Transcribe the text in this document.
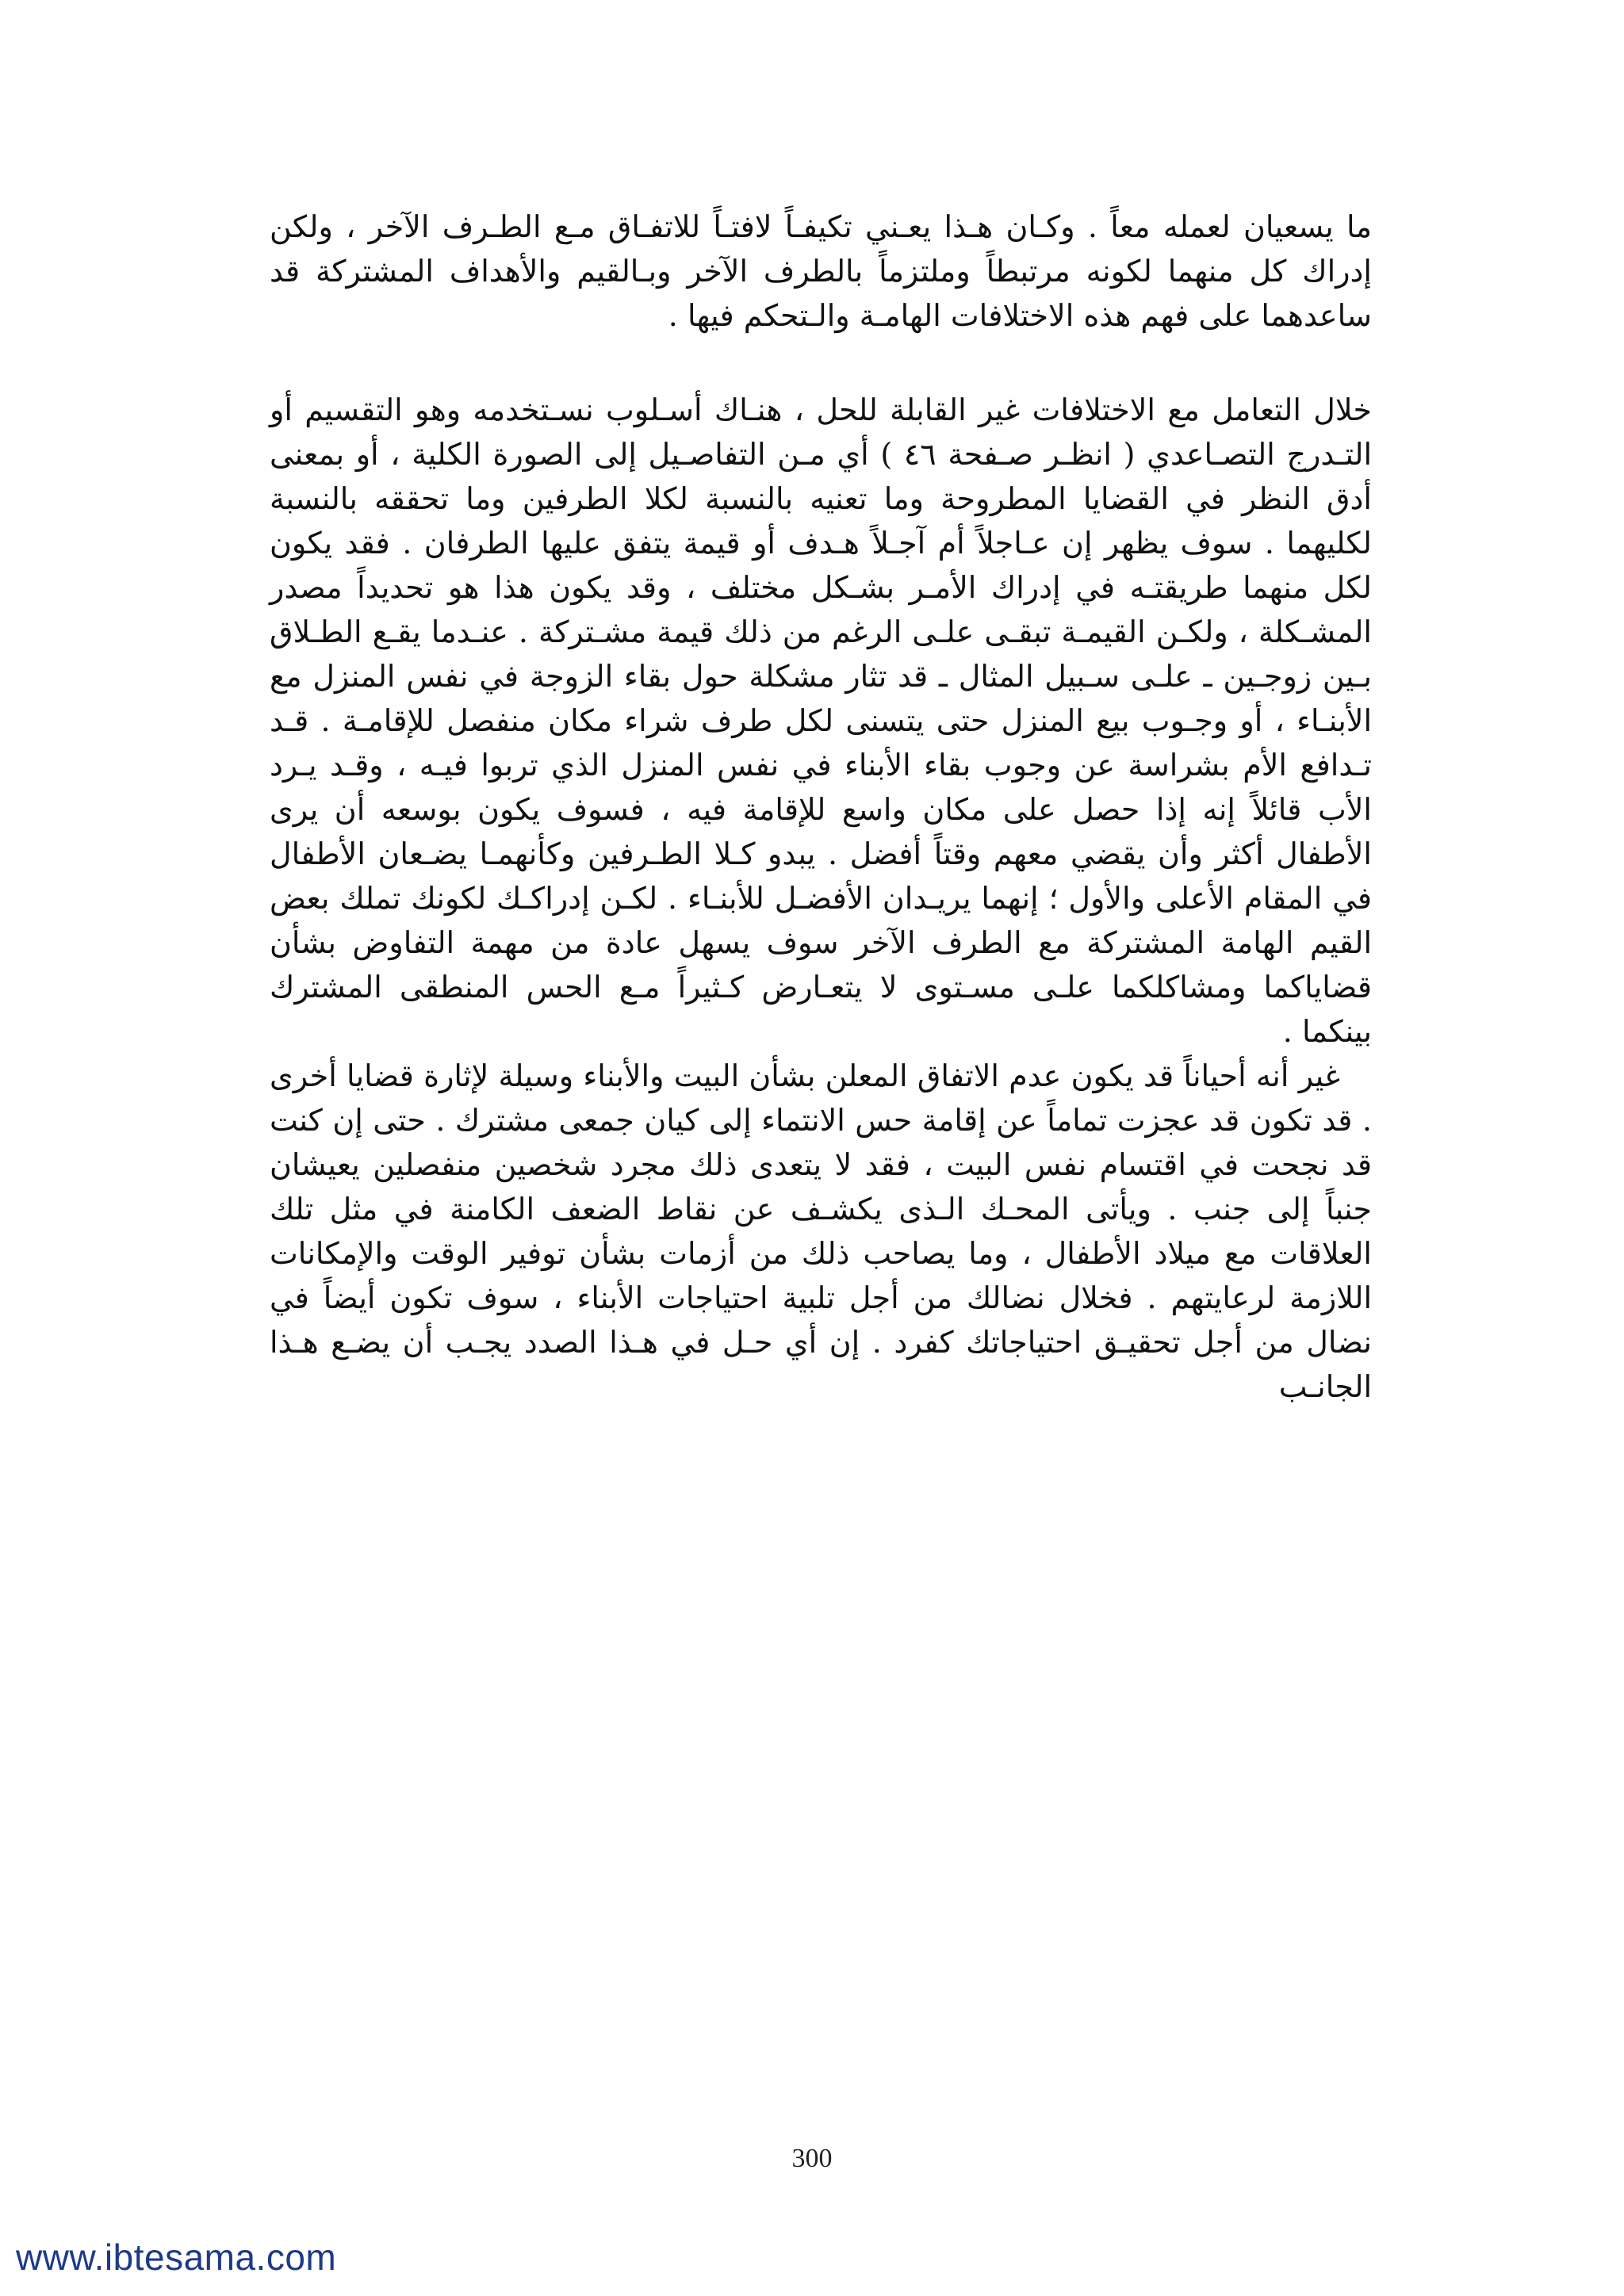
ما يسعيان لعمله معاً . وكـان هـذا يعـني تكيفـاً لافتـاً للاتفـاق مـع الطـرف الآخر ، ولكن إدراك كل منهما لكونه مرتبطاً وملتزماً بالطرف الآخر وبـالقيم والأهداف المشتركة قد ساعدهما على فهم هذه الاختلافات الهامـة والـتحكم فيها .

خلال التعامل مع الاختلافات غير القابلة للحل ، هنـاك أسـلوب نسـتخدمه وهو التقسيم أو التـدرج التصـاعدي ( انظـر صـفحة ٤٦ ) أي مـن التفاصـيل إلى الصورة الكلية ، أو بمعنى أدق النظر في القضايا المطروحة وما تعنيه بالنسبة لكلا الطرفين وما تحققه بالنسبة لكليهما . سوف يظهر إن عـاجلاً أم آجـلاً هـدف أو قيمة يتفق عليها الطرفان . فقد يكون لكل منهما طريقتـه في إدراك الأمـر بشـكل مختلف ، وقد يكون هذا هو تحديداً مصدر المشـكلة ، ولكـن القيمـة تبقـى علـى الرغم من ذلك قيمة مشـتركة . عنـدما يقـع الطـلاق بـين زوجـين ـ علـى سـبيل المثال ـ قد تثار مشكلة حول بقاء الزوجة في نفس المنزل مع الأبنـاء ، أو وجـوب بيع المنزل حتى يتسنى لكل طرف شراء مكان منفصل للإقامـة . قـد تـدافع الأم بشراسة عن وجوب بقاء الأبناء في نفس المنزل الذي تربوا فيـه ، وقـد يـرد الأب قائلاً إنه إذا حصل على مكان واسع للإقامة فيه ، فسوف يكون بوسعه أن يرى الأطفال أكثر وأن يقضي معهم وقتاً أفضل . يبدو كـلا الطـرفين وكأنهمـا يضـعان الأطفال في المقام الأعلى والأول ؛ إنهما يريـدان الأفضـل للأبنـاء . لكـن إدراكـك لكونك تملك بعض القيم الهامة المشتركة مع الطرف الآخر سوف يسهل عادة من مهمة التفاوض بشأن قضاياكما ومشاكلكما علـى مسـتوى لا يتعـارض كـثيراً مـع الحس المنطقى المشترك بينكما .

غير أنه أحياناً قد يكون عدم الاتفاق المعلن بشأن البيت والأبناء وسيلة لإثارة قضايا أخرى . قد تكون قد عجزت تماماً عن إقامة حس الانتماء إلى كيان جمعى مشترك . حتى إن كنت قد نجحت في اقتسام نفس البيت ، فقد لا يتعدى ذلك مجرد شخصين منفصلين يعيشان جنباً إلى جنب . ويأتى المحـك الـذى يكشـف عن نقاط الضعف الكامنة في مثل تلك العلاقات مع ميلاد الأطفال ، وما يصاحب ذلك من أزمات بشأن توفير الوقت والإمكانات اللازمة لرعايتهم . فخلال نضالك من أجل تلبية احتياجات الأبناء ، سوف تكون أيضاً في نضال من أجل تحقيـق احتياجاتك كفرد . إن أي حـل في هـذا الصدد يجـب أن يضـع هـذا الجانـب

300
www.ibtesama.com
